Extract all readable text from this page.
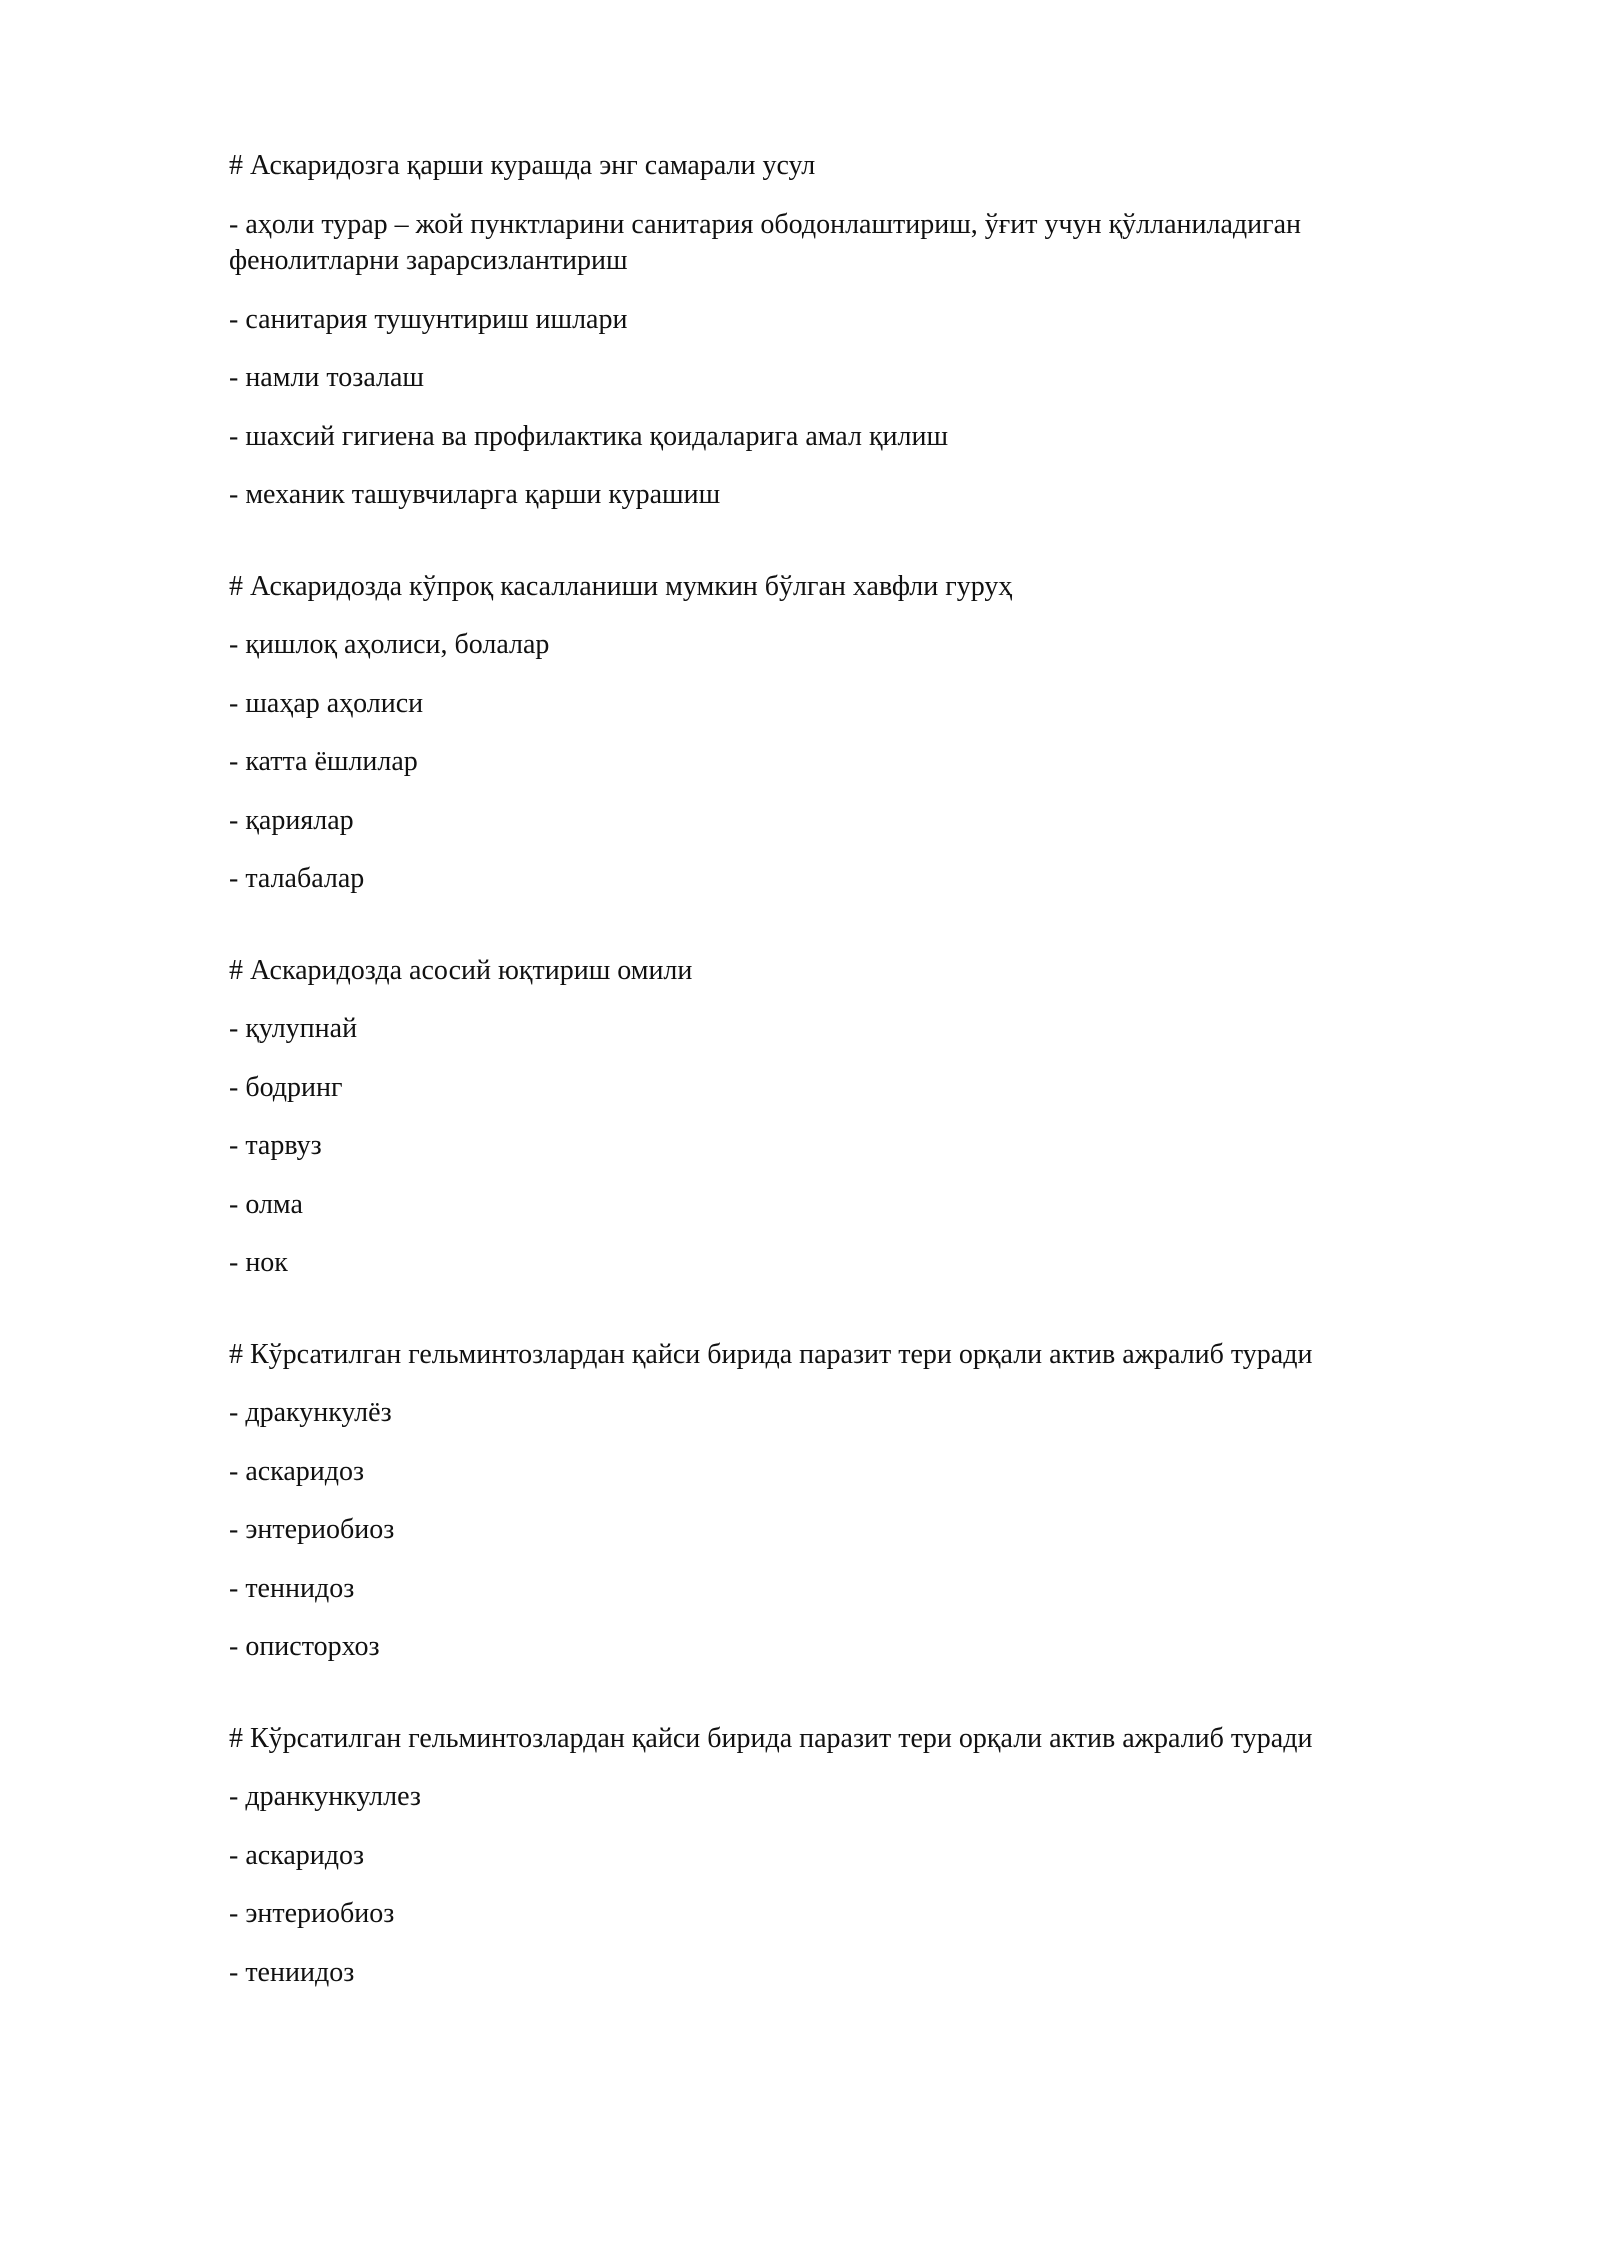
# Аскаридозга қарши курашда энг самарали усул

- аҳоли турар – жой пунктларини санитария ободонлаштириш, ўғит учун қўлланиладиган фенолитларни зарарсизлантириш

- санитария тушунтириш ишлари

- намли тозалаш

- шахсий гигиена ва профилактика қоидаларига амал қилиш

- механик ташувчиларга қарши курашиш

# Аскаридозда кўпроқ касалланиши мумкин бўлган хавфли гуруҳ

- қишлоқ аҳолиси, болалар

- шаҳар аҳолиси

- катта ёшлилар

- қариялар

- талабалар

# Аскаридозда асосий юқтириш омили

- қулупнай

- бодринг

- тарвуз

- олма

- нок

# Кўрсатилган гельминтозлардан қайси бирида паразит тери орқали актив ажралиб туради

- дракункулёз

- аскаридоз

- энтериобиоз

- теннидоз

- описторхоз

# Кўрсатилган гельминтозлардан қайси бирида паразит тери орқали актив ажралиб туради

- дранкункуллез

- аскаридоз

- энтериобиоз

- тениидоз
